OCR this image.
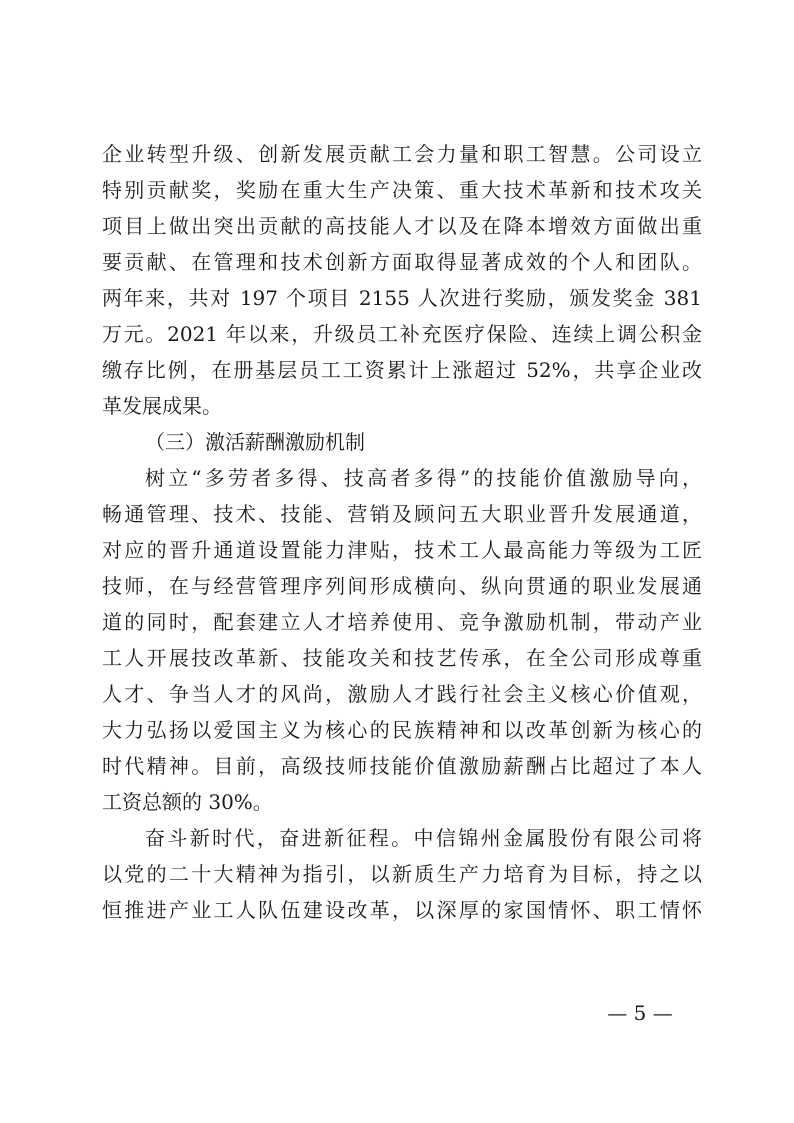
企业转型升级、创新发展贡献工会力量和职工智慧。公司设立
特别贡献奖，奖励在重大生产决策、重大技术革新和技术攻关
项目上做出突出贡献的高技能人才以及在降本增效方面做出重
要贡献、在管理和技术创新方面取得显著成效的个人和团队。
两年来，共对 197 个项目 2155 人次进行奖励，颁发奖金 381
万元。2021 年以来，升级员工补充医疗保险、连续上调公积金
缴存比例，在册基层员工工资累计上涨超过 52%，共享企业改
革发展成果。
（三）激活薪酬激励机制
树立“多劳者多得、技高者多得”的技能价值激励导向，
畅通管理、技术、技能、营销及顾问五大职业晋升发展通道，
对应的晋升通道设置能力津贴，技术工人最高能力等级为工匠
技师，在与经营管理序列间形成横向、纵向贯通的职业发展通
道的同时，配套建立人才培养使用、竞争激励机制，带动产业
工人开展技改革新、技能攻关和技艺传承，在全公司形成尊重
人才、争当人才的风尚，激励人才践行社会主义核心价值观，
大力弘扬以爱国主义为核心的民族精神和以改革创新为核心的
时代精神。目前，高级技师技能价值激励薪酬占比超过了本人
工资总额的 30%。
奋斗新时代，奋进新征程。中信锦州金属股份有限公司将
以党的二十大精神为指引，以新质生产力培育为目标，持之以
恒推进产业工人队伍建设改革，以深厚的家国情怀、职工情怀
— 5 —
